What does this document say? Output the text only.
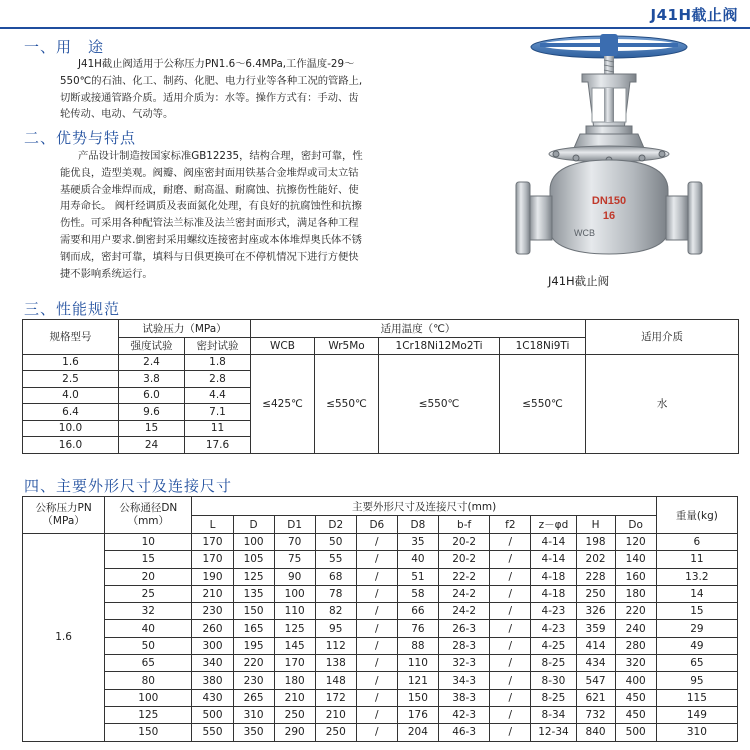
J41H截止阀
一、用　途

J41H截止阀适用于公称压力PN1.6～6.4MPa,工作温度-29～

550℃的石油、化工、制药、化肥、电力行业等各种工况的管路上,

切断或接通管路介质。适用介质为：水等。操作方式有：手动、齿

轮传动、电动、气动等。

二、优势与特点

产品设计制造按国家标准GB12235，结构合理，密封可靠，性

能优良，造型美观。阀瓣、阀座密封面用铁基合金堆焊或司太立钴

基硬质合金堆焊而成，耐磨、耐高温、耐腐蚀、抗擦伤性能好、使

用寿命长。 阀杆经调质及表面氮化处理，有良好的抗腐蚀性和抗擦

伤性。可采用各种配管法兰标准及法兰密封面形式，满足各种工程

需要和用户要求.倒密封采用螺纹连接密封座或本体堆焊奥氏体不锈

钢而成，密封可靠，填料与日俱更换可在不停机情况下进行方便快

捷不影响系统运行。

DN150
16
WCB
J41H截止阀
三、性能规范
规格型号	试验压力（MPa）		适用温度（℃）				适用介质
	强度试验	密封试验	WCB	Wr5Mo	1Cr18Ni12Mo2Ti	1C18Ni9Ti	
1.6	2.4	1.8	≤425℃	≤550℃	≤550℃	≤550℃	水
2.5	3.8	2.8					
4.0	6.0	4.4					
6.4	9.6	7.1					
10.0	15	11					
16.0	24	17.6					
四、主要外形尺寸及连接尺寸
公称压力PN
（MPa）	公称通径DN
（mm）	主要外形尺寸及连接尺寸(mm)											重量(kg)
		L	D	D1	D2	D6	D8	b-f	f2	z－φd	H	Do	
1.6	10	170	100	70	50	/	35	20-2	/	4-14	198	120	6
	15	170	105	75	55	/	40	20-2	/	4-14	202	140	11
	20	190	125	90	68	/	51	22-2	/	4-18	228	160	13.2
	25	210	135	100	78	/	58	24-2	/	4-18	250	180	14
	32	230	150	110	82	/	66	24-2	/	4-23	326	220	15
	40	260	165	125	95	/	76	26-3	/	4-23	359	240	29
	50	300	195	145	112	/	88	28-3	/	4-25	414	280	49
	65	340	220	170	138	/	110	32-3	/	8-25	434	320	65
	80	380	230	180	148	/	121	34-3	/	8-30	547	400	95
	100	430	265	210	172	/	150	38-3	/	8-25	621	450	115
	125	500	310	250	210	/	176	42-3	/	8-34	732	450	149
	150	550	350	290	250	/	204	46-3	/	12-34	840	500	310
